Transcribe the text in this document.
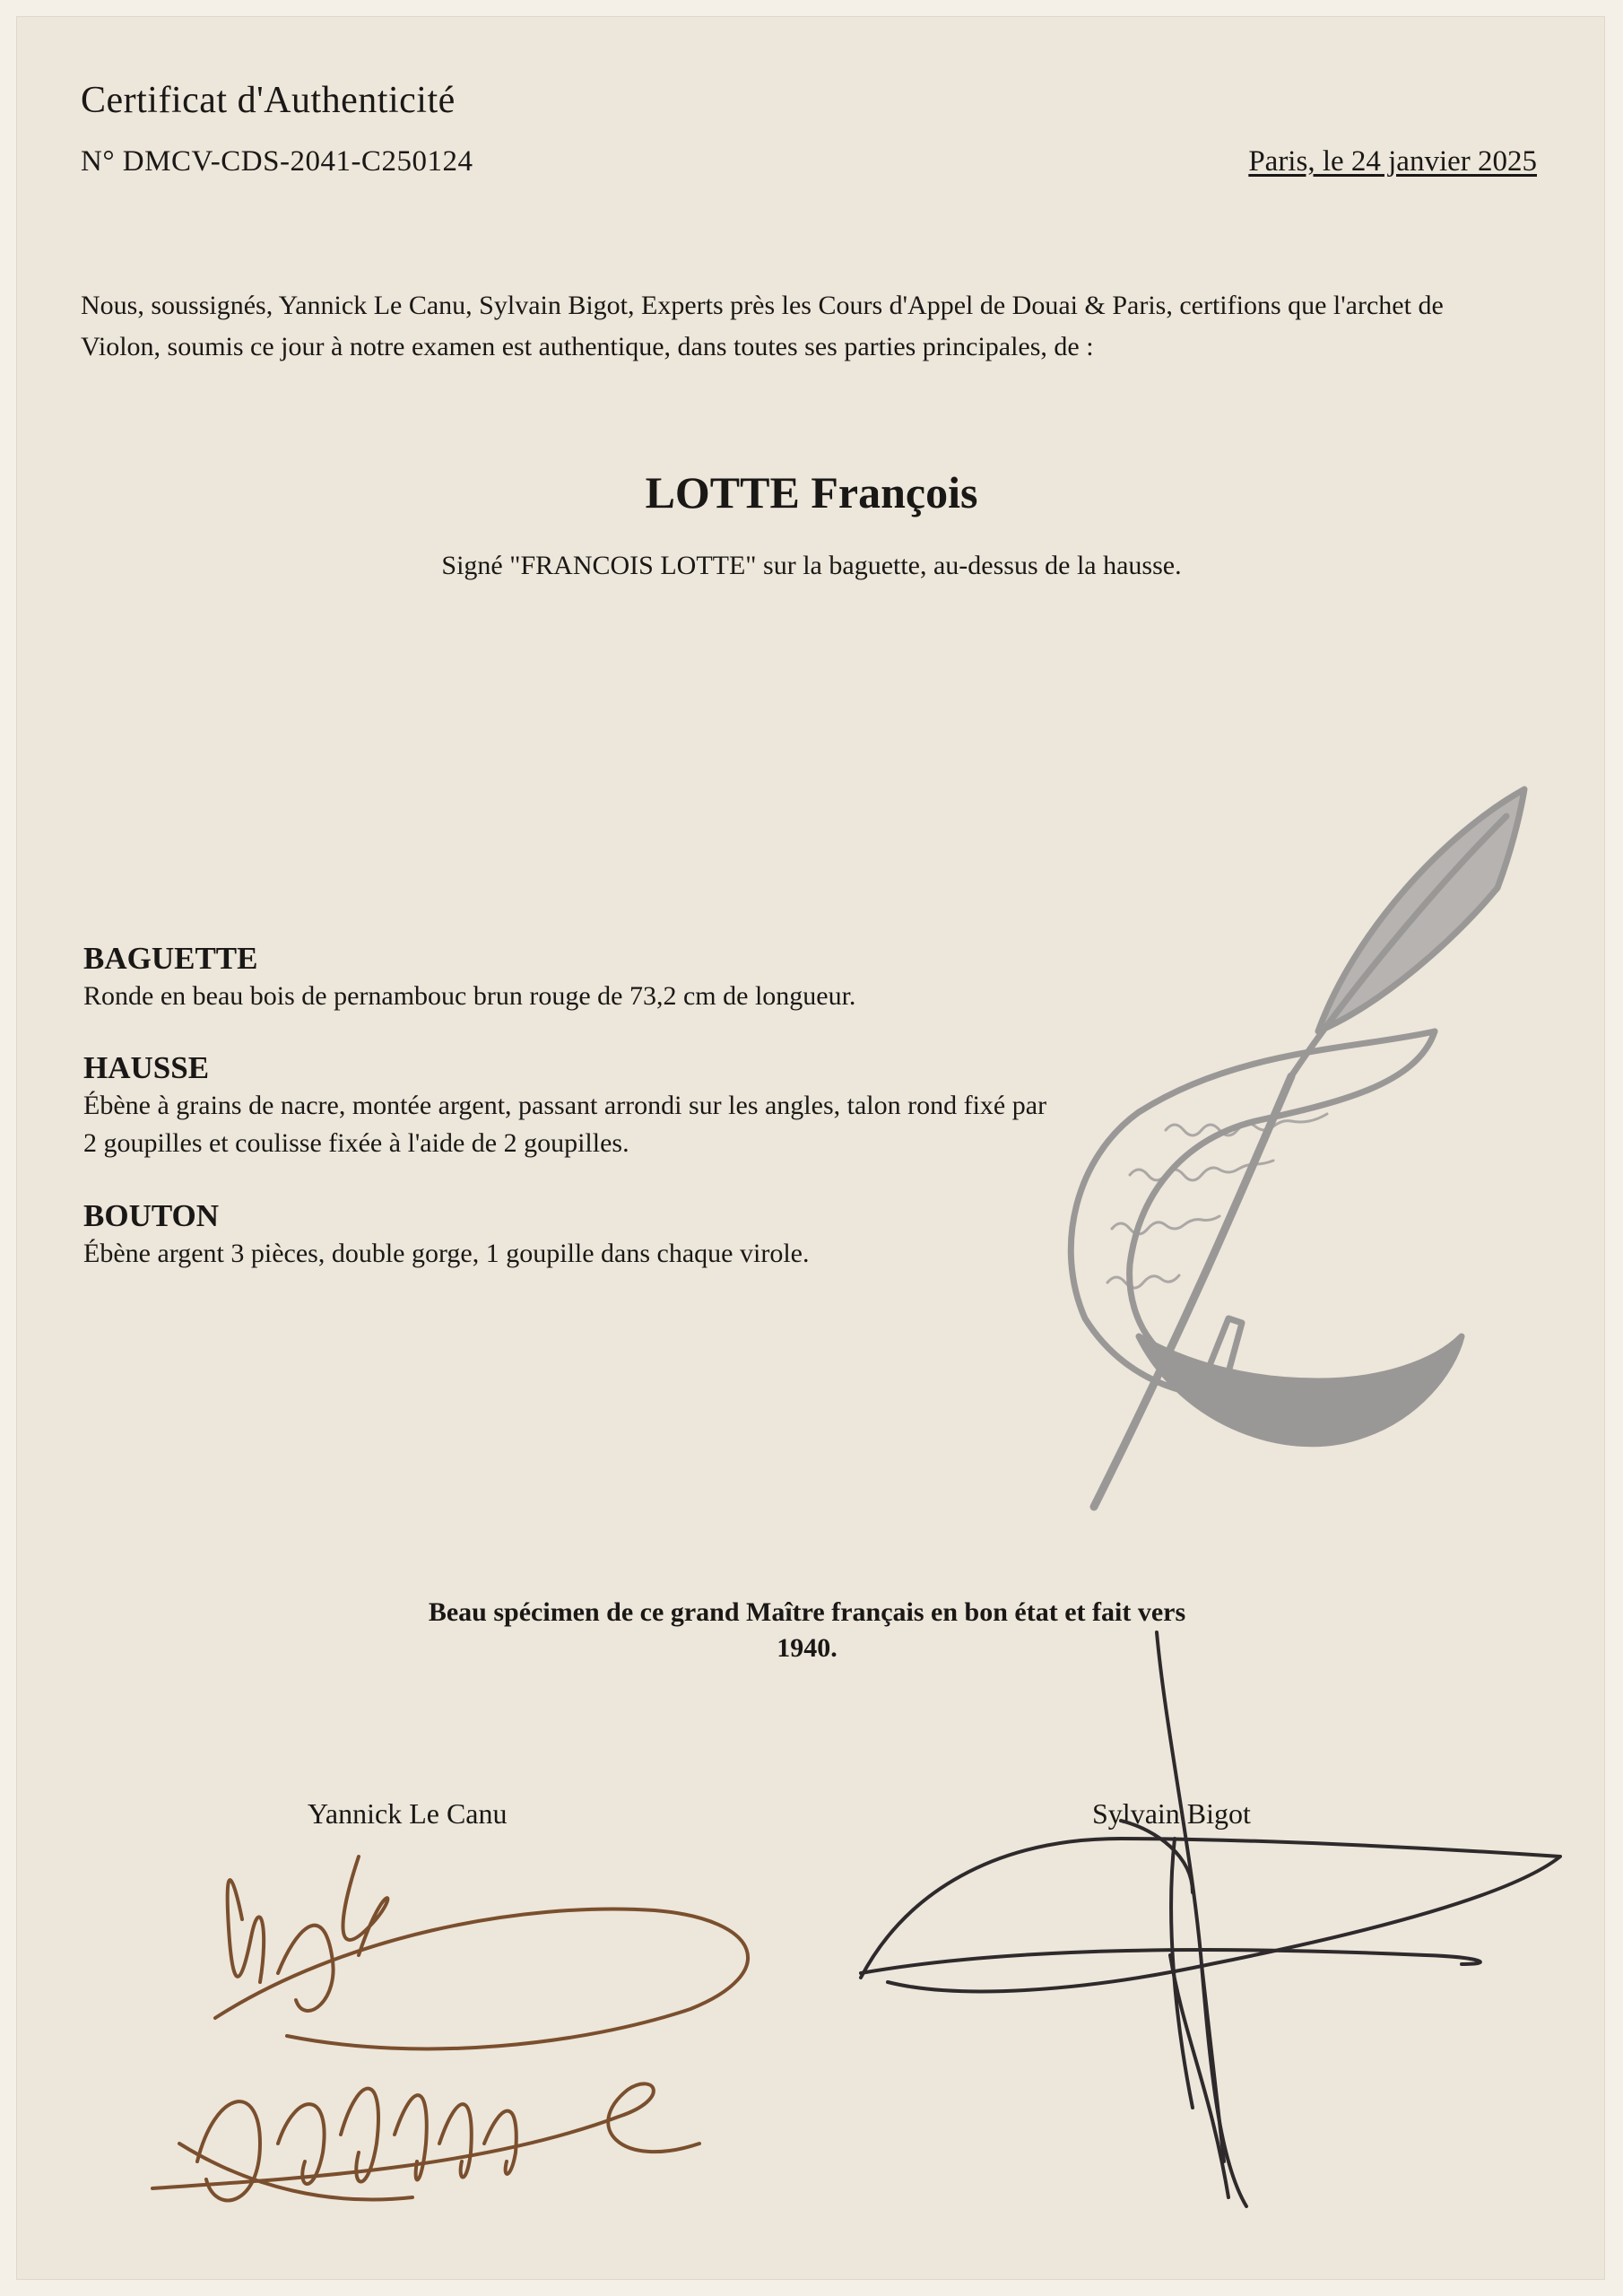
Certificat d'Authenticité
N° DMCV-CDS-2041-C250124	Paris, le 24 janvier 2025

Nous, soussignés, Yannick Le Canu, Sylvain Bigot, Experts près les Cours d'Appel de Douai & Paris, certifions que l'archet de Violon, soumis ce jour à notre examen est authentique, dans toutes ses parties principales, de :

LOTTE François
Signé "FRANCOIS LOTTE" sur la baguette, au-dessus de la hausse.
BAGUETTE

Ronde en beau bois de pernambouc brun rouge de 73,2 cm de longueur.

HAUSSE

Ébène à grains de nacre, montée argent, passant arrondi sur les angles, talon rond fixé par 2 goupilles et coulisse fixée à l'aide de 2 goupilles.

BOUTON

Ébène argent 3 pièces, double gorge, 1 goupille dans chaque virole.

Beau spécimen de ce grand Maître français en bon état et fait vers
1940.
Yannick Le Canu	Sylvain Bigot
